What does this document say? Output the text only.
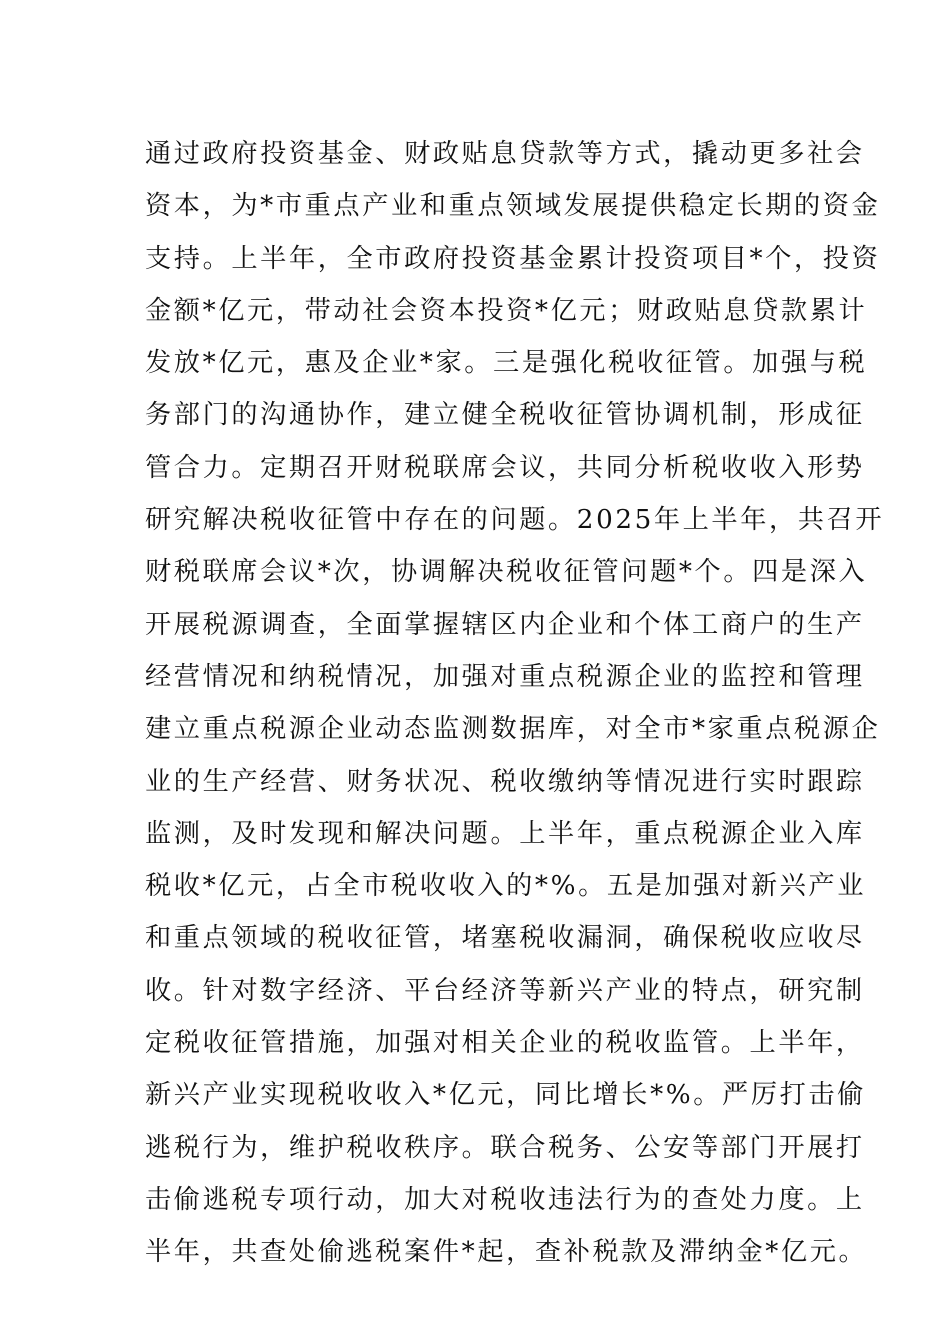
通过政府投资基金、财政贴息贷款等方式，撬动更多社会
资本，为*市重点产业和重点领域发展提供稳定长期的资金
支持。上半年，全市政府投资基金累计投资项目*个，投资
金额*亿元，带动社会资本投资*亿元；财政贴息贷款累计
发放*亿元，惠及企业*家。三是强化税收征管。加强与税
务部门的沟通协作，建立健全税收征管协调机制，形成征
管合力。定期召开财税联席会议，共同分析税收收入形势
研究解决税收征管中存在的问题。2025年上半年，共召开
财税联席会议*次，协调解决税收征管问题*个。四是深入
开展税源调查，全面掌握辖区内企业和个体工商户的生产
经营情况和纳税情况，加强对重点税源企业的监控和管理
建立重点税源企业动态监测数据库，对全市*家重点税源企
业的生产经营、财务状况、税收缴纳等情况进行实时跟踪
监测，及时发现和解决问题。上半年，重点税源企业入库
税收*亿元，占全市税收收入的*%。五是加强对新兴产业
和重点领域的税收征管，堵塞税收漏洞，确保税收应收尽
收。针对数字经济、平台经济等新兴产业的特点，研究制
定税收征管措施，加强对相关企业的税收监管。上半年，
新兴产业实现税收收入*亿元，同比增长*%。严厉打击偷
逃税行为，维护税收秩序。联合税务、公安等部门开展打
击偷逃税专项行动，加大对税收违法行为的查处力度。上
半年，共查处偷逃税案件*起，查补税款及滞纳金*亿元。
